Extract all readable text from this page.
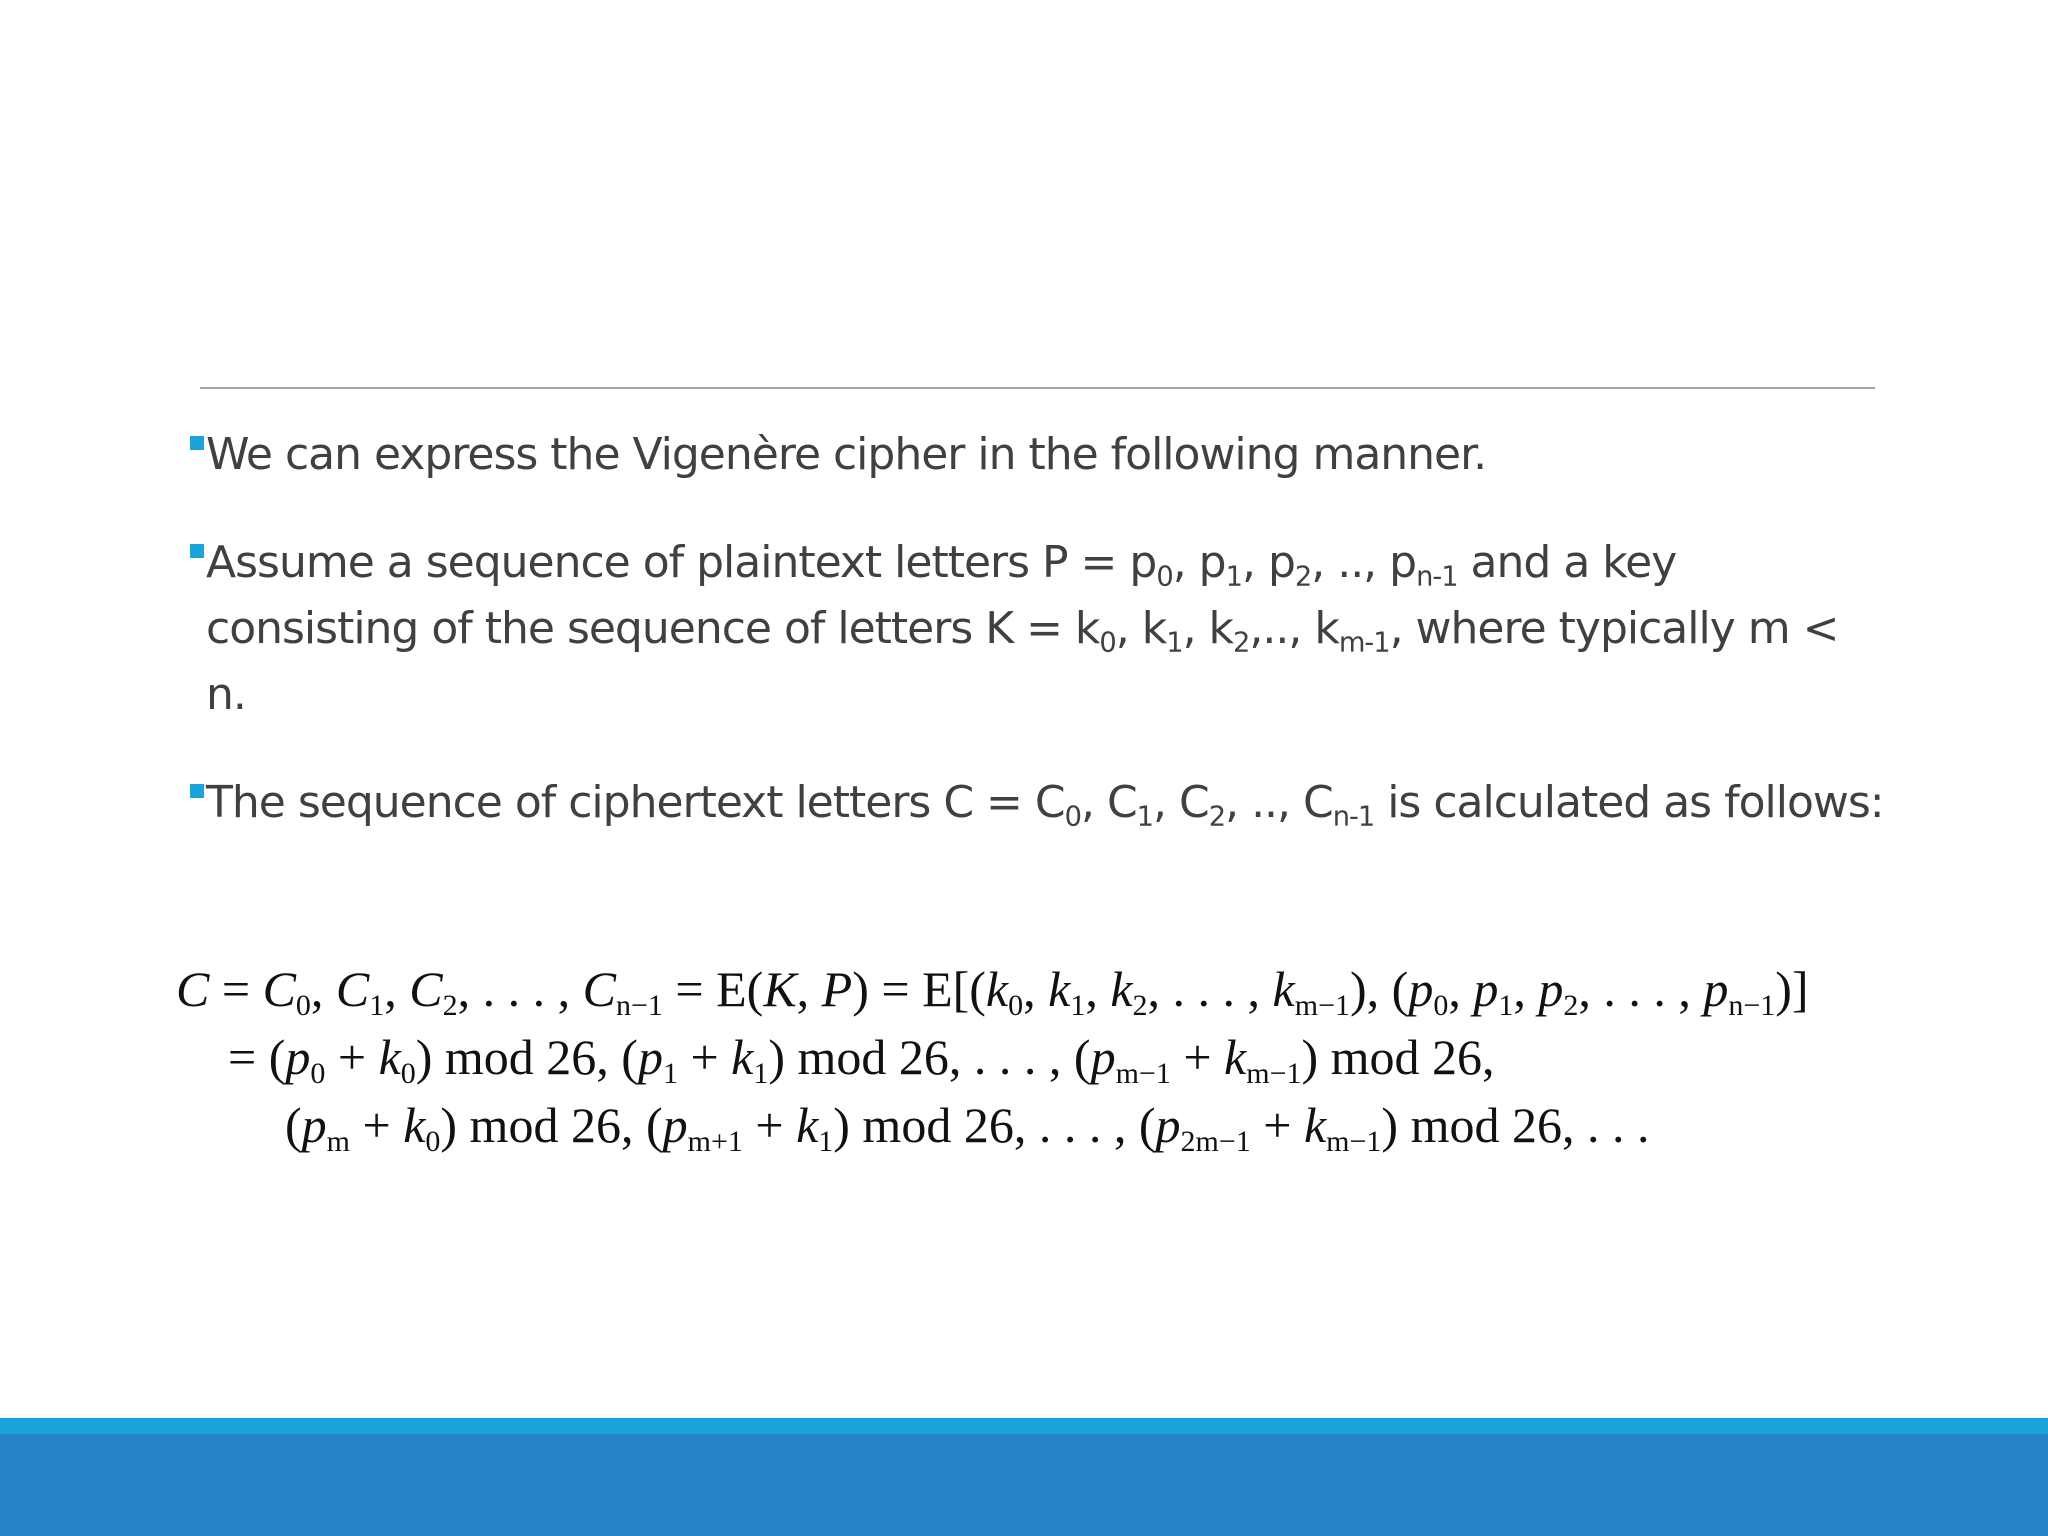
We can express the Vigenère cipher in the following manner.
Assume a sequence of plaintext letters $P = p_0$, $p_1$, $p_2$, .., $p_{n-1}$ and a key consisting of the sequence of letters $K = k_0$, $k_1$, $k_2$,.., $k_{m-1}$, where typically m < n.
The sequence of ciphertext letters $C = C_0$, $C_1$, $C_2$, .., $C_{n-1}$ is calculated as follows:
$C = C_0$, $C_1$, $C_2$, . . . , $C_{n-1} = E(K$, $P) = E[(k_0$, $k_1$, $k_2$, . . . , $k_{m-1}$), ($p_0$, $p_1$, $p_2$, . . . , $p_{n-1}$)]
= $(p_0 + k_0)$ mod 26, $(p_1 + k_1)$ mod 26, . . . , $(p_{m-1} + k_{m-1})$ mod 26,
$(p_m + k_0)$ mod 26, $(p_{m+1} + k_1)$ mod 26, . . . , $(p_{2m-1} + k_{m-1})$ mod 26, . . .
